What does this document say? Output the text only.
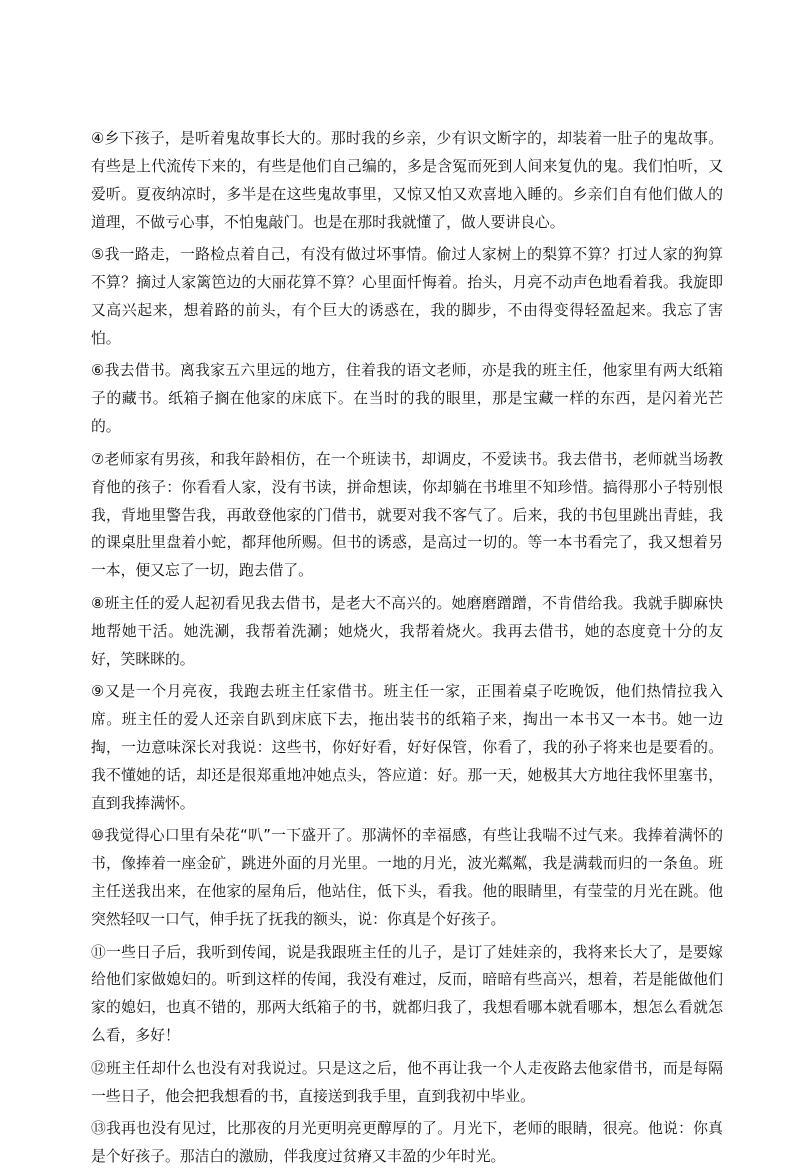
④乡下孩子，是听着鬼故事长大的。那时我的乡亲，少有识文断字的，却装着一肚子的鬼故事。有些是上代流传下来的，有些是他们自己编的，多是含冤而死到人间来复仇的鬼。我们怕听，又爱听。夏夜纳凉时，多半是在这些鬼故事里，又惊又怕又欢喜地入睡的。乡亲们自有他们做人的道理，不做亏心事，不怕鬼敲门。也是在那时我就懂了，做人要讲良心。

⑤我一路走，一路检点着自己，有没有做过坏事情。偷过人家树上的梨算不算？打过人家的狗算不算？摘过人家篱笆边的大丽花算不算？心里面忏悔着。抬头，月亮不动声色地看着我。我旋即又高兴起来，想着路的前头，有个巨大的诱惑在，我的脚步，不由得变得轻盈起来。我忘了害怕。

⑥我去借书。离我家五六里远的地方，住着我的语文老师，亦是我的班主任，他家里有两大纸箱子的藏书。纸箱子搁在他家的床底下。在当时的我的眼里，那是宝藏一样的东西，是闪着光芒的。

⑦老师家有男孩，和我年龄相仿，在一个班读书，却调皮，不爱读书。我去借书，老师就当场教育他的孩子：你看看人家，没有书读，拼命想读，你却躺在书堆里不知珍惜。搞得那小子特别恨我，背地里警告我，再敢登他家的门借书，就要对我不客气了。后来，我的书包里跳出青蛙，我的课桌肚里盘着小蛇，都拜他所赐。但书的诱惑，是高过一切的。等一本书看完了，我又想着另一本，便又忘了一切，跑去借了。

⑧班主任的爱人起初看见我去借书，是老大不高兴的。她磨磨蹭蹭，不肯借给我。我就手脚麻快地帮她干活。她洗涮，我帮着洗涮；她烧火，我帮着烧火。我再去借书，她的态度竟十分的友好，笑眯眯的。

⑨又是一个月亮夜，我跑去班主任家借书。班主任一家，正围着桌子吃晚饭，他们热情拉我入席。班主任的爱人还亲自趴到床底下去，拖出装书的纸箱子来，掏出一本书又一本书。她一边掏，一边意味深长对我说：这些书，你好好看，好好保管，你看了，我的孙子将来也是要看的。我不懂她的话，却还是很郑重地冲她点头，答应道：好。那一天，她极其大方地往我怀里塞书，直到我捧满怀。

⑩我觉得心口里有朵花“叭”一下盛开了。那满怀的幸福感，有些让我喘不过气来。我捧着满怀的书，像捧着一座金矿，跳进外面的月光里。一地的月光，波光粼粼，我是满载而归的一条鱼。班主任送我出来，在他家的屋角后，他站住，低下头，看我。他的眼睛里，有莹莹的月光在跳。他突然轻叹一口气，伸手抚了抚我的额头，说：你真是个好孩子。

⑪一些日子后，我听到传闻，说是我跟班主任的儿子，是订了娃娃亲的，我将来长大了，是要嫁给他们家做媳妇的。听到这样的传闻，我没有难过，反而，暗暗有些高兴，想着，若是能做他们家的媳妇，也真不错的，那两大纸箱子的书，就都归我了，我想看哪本就看哪本，想怎么看就怎么看，多好！

⑫班主任却什么也没有对我说过。只是这之后，他不再让我一个人走夜路去他家借书，而是每隔一些日子，他会把我想看的书，直接送到我手里，直到我初中毕业。

⑬我再也没有见过，比那夜的月光更明亮更醇厚的了。月光下，老师的眼睛，很亮。他说：你真是个好孩子。那洁白的激励，伴我度过贫瘠又丰盈的少年时光。
